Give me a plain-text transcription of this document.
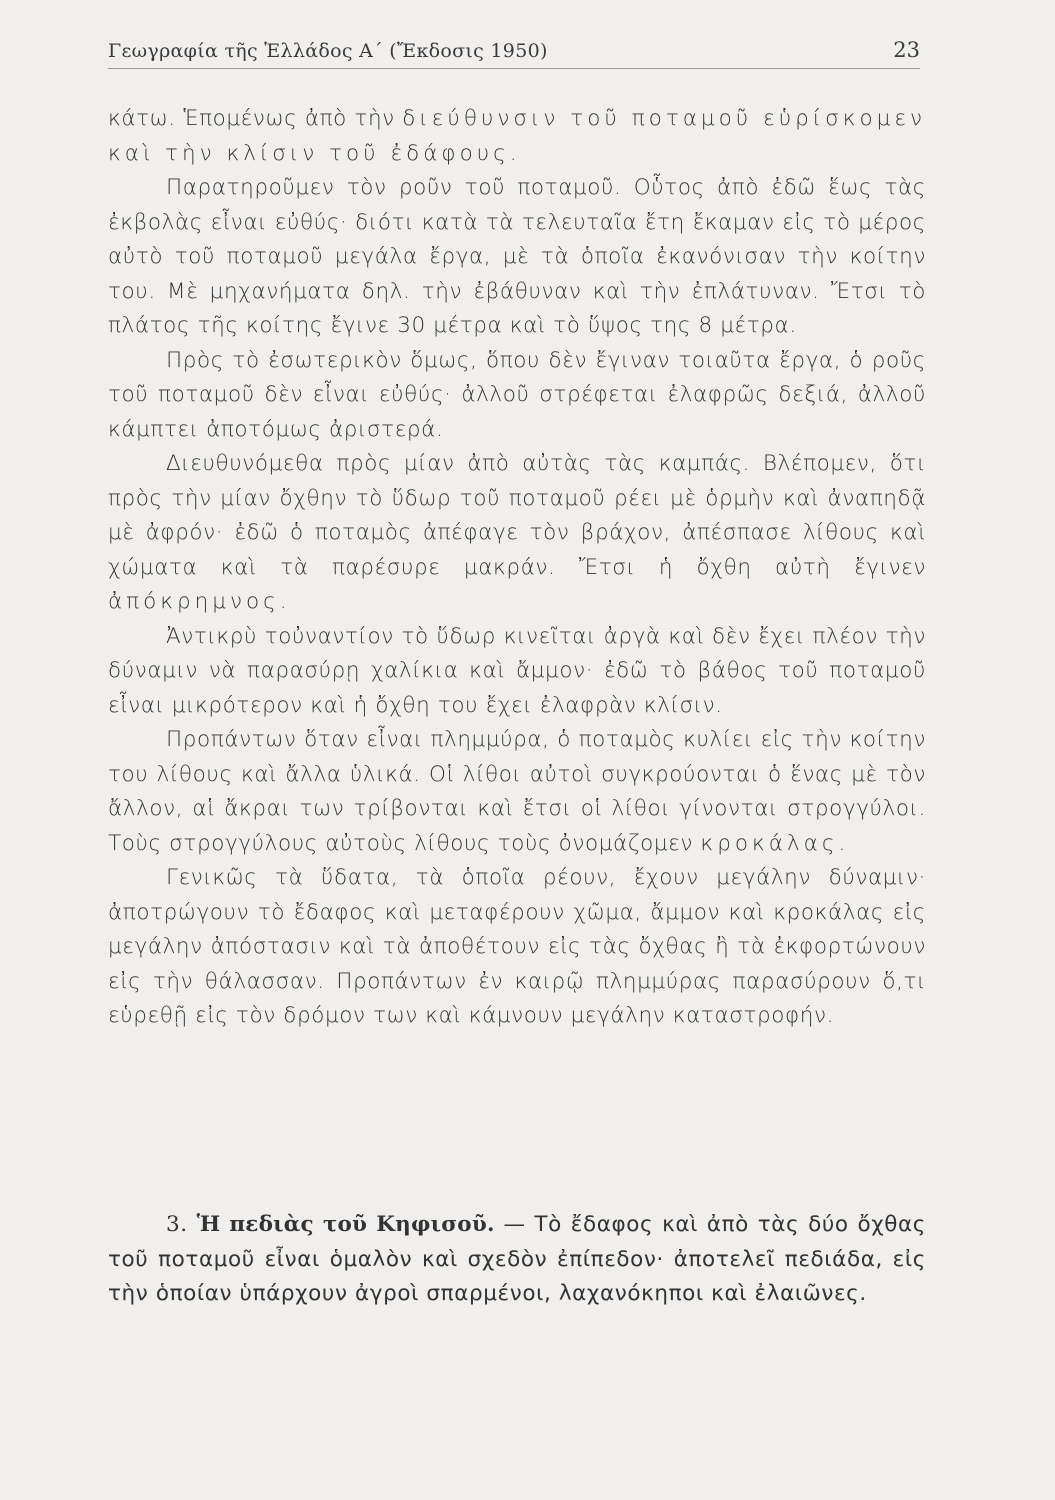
Γεωγραφία τῆς Ἑλλάδος Α΄ (Ἔκδοσις 1950)	23

κάτω. Ἑπομένως ἀπὸ τὴν διεύθυνσιν τοῦ ποταμοῦ εὑρίσκομεν καὶ τὴν κλίσιν τοῦ ἐδάφους.

Παρατηροῦμεν τὸν ροῦν τοῦ ποταμοῦ. Οὗτος ἀπὸ ἐδῶ ἕως τὰς ἐκβολὰς εἶναι εὐθύς· διότι κατὰ τὰ τελευταῖα ἔτη ἔκαμαν εἰς τὸ μέρος αὐτὸ τοῦ ποταμοῦ μεγάλα ἔργα, μὲ τὰ ὁποῖα ἐκανόνισαν τὴν κοίτην του. Μὲ μηχανήματα δηλ. τὴν ἐβάθυναν καὶ τὴν ἐπλάτυναν. Ἔτσι τὸ πλάτος τῆς κοίτης ἔγινε 30 μέτρα καὶ τὸ ὕψος της 8 μέτρα.

Πρὸς τὸ ἐσωτερικὸν ὅμως, ὅπου δὲν ἔγιναν τοιαῦτα ἔργα, ὁ ροῦς τοῦ ποταμοῦ δὲν εἶναι εὐθύς· ἀλλοῦ στρέφεται ἐλαφρῶς δεξιά, ἀλλοῦ κάμπτει ἀποτόμως ἀριστερά.

Διευθυνόμεθα πρὸς μίαν ἀπὸ αὐτὰς τὰς καμπάς. Βλέπομεν, ὅτι πρὸς τὴν μίαν ὄχθην τὸ ὕδωρ τοῦ ποταμοῦ ρέει μὲ ὁρμὴν καὶ ἀναπηδᾷ μὲ ἀφρόν· ἐδῶ ὁ ποταμὸς ἀπέφαγε τὸν βράχον, ἀπέσπασε λίθους καὶ χώματα καὶ τὰ παρέσυρε μακράν. Ἔτσι ἡ ὄχθη αὐτὴ ἔγινεν ἀπόκρημνος.

Ἀντικρὺ τοὐναντίον τὸ ὕδωρ κινεῖται ἀργὰ καὶ δὲν ἔχει πλέον τὴν δύναμιν νὰ παρασύρῃ χαλίκια καὶ ἄμμον· ἐδῶ τὸ βάθος τοῦ ποταμοῦ εἶναι μικρότερον καὶ ἡ ὄχθη του ἔχει ἐλαφρὰν κλίσιν.

Προπάντων ὅταν εἶναι πλημμύρα, ὁ ποταμὸς κυλίει εἰς τὴν κοίτην του λίθους καὶ ἄλλα ὑλικά. Οἱ λίθοι αὐτοὶ συγκρούονται ὁ ἕνας μὲ τὸν ἄλλον, αἱ ἄκραι των τρίβονται καὶ ἔτσι οἱ λίθοι γίνονται στρογγύλοι. Τοὺς στρογγύλους αὐτοὺς λίθους τοὺς ὀνομάζομεν κροκάλας.

Γενικῶς τὰ ὕδατα, τὰ ὁποῖα ρέουν, ἔχουν μεγάλην δύναμιν· ἀποτρώγουν τὸ ἔδαφος καὶ μεταφέρουν χῶμα, ἄμμον καὶ κροκάλας εἰς μεγάλην ἀπόστασιν καὶ τὰ ἀποθέτουν εἰς τὰς ὄχθας ἢ τὰ ἐκφορτώνουν εἰς τὴν θάλασσαν. Προπάντων ἐν καιρῷ πλημμύρας παρασύρουν ὅ,τι εὑρεθῇ εἰς τὸν δρόμον των καὶ κάμνουν μεγάλην καταστροφήν.

3. Ἡ πεδιὰς τοῦ Κηφισοῦ. — Τὸ ἔδαφος καὶ ἀπὸ τὰς δύο ὄχθας τοῦ ποταμοῦ εἶναι ὁμαλὸν καὶ σχεδὸν ἐπίπεδον· ἀποτελεῖ πεδιάδα, εἰς τὴν ὁποίαν ὑπάρχουν ἀγροὶ σπαρμένοι, λαχανόκηποι καὶ ἐλαιῶνες.
